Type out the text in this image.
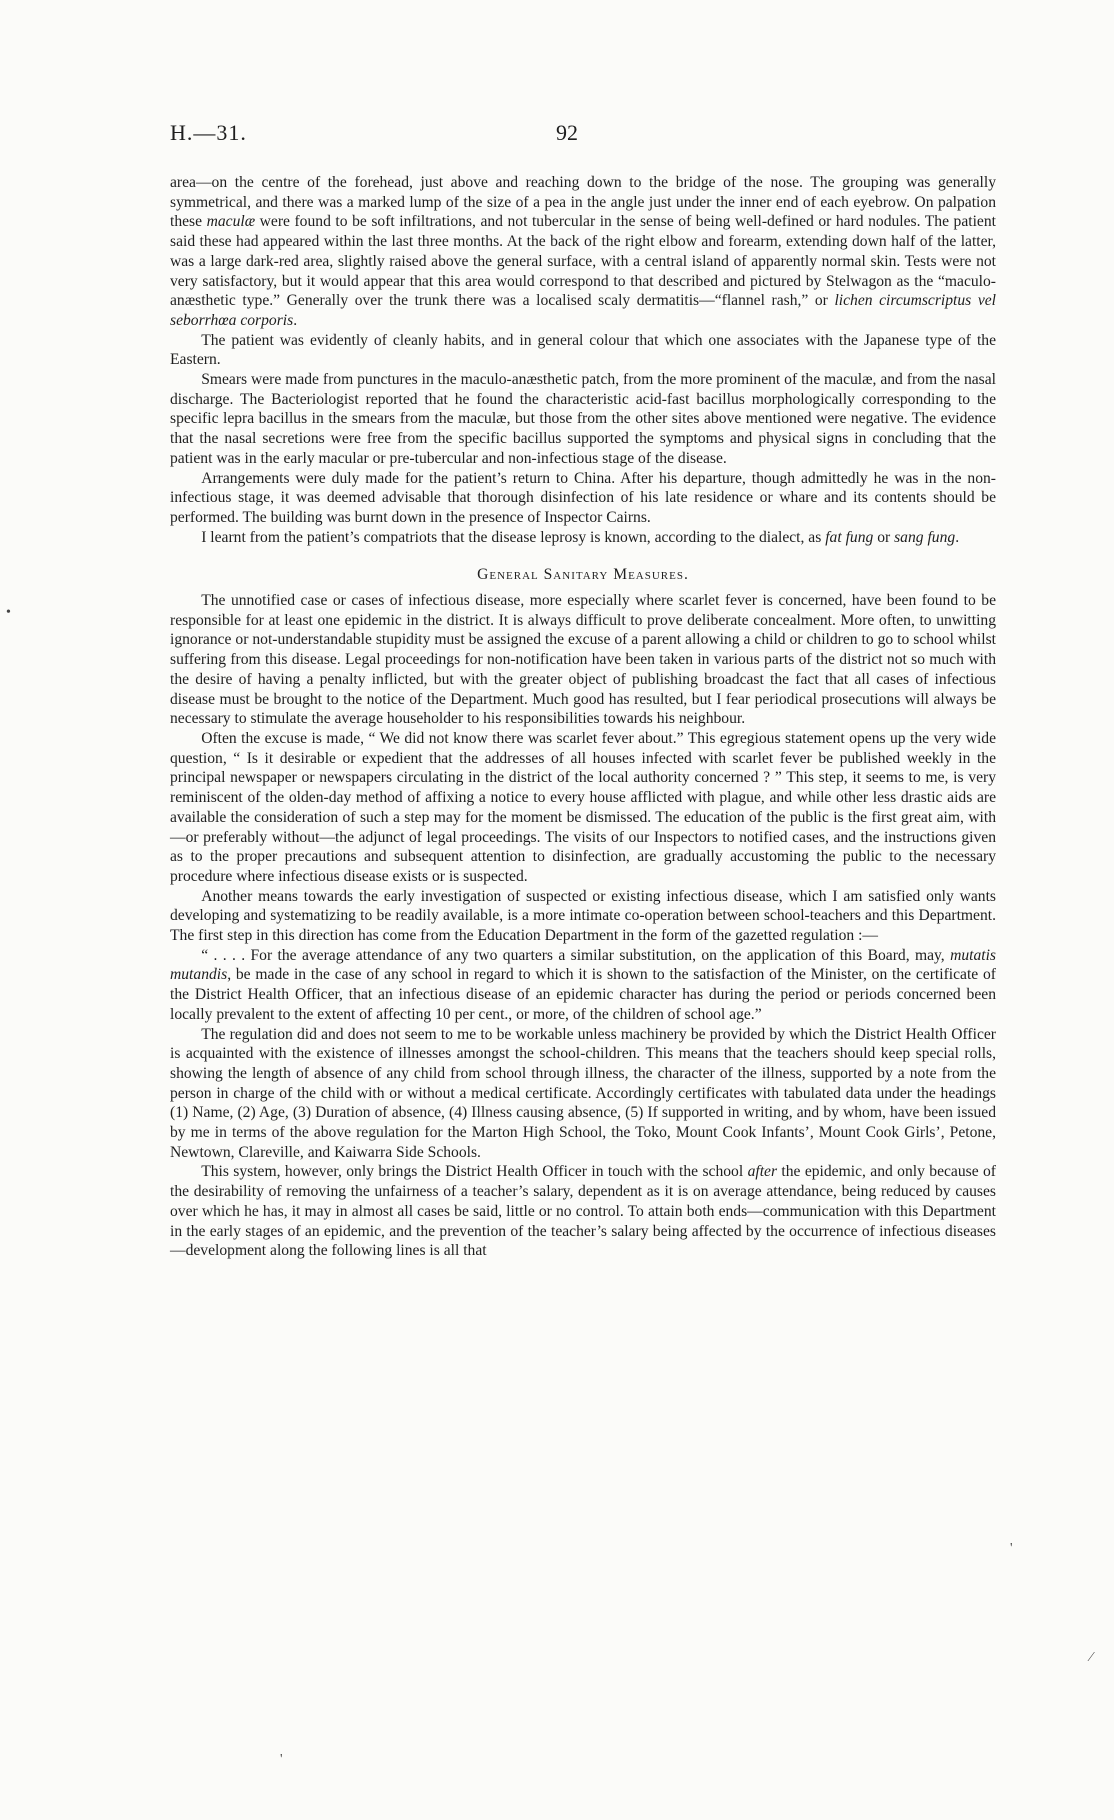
H.—31.	92

area—on the centre of the forehead, just above and reaching down to the bridge of the nose. The grouping was generally symmetrical, and there was a marked lump of the size of a pea in the angle just under the inner end of each eyebrow. On palpation these maculæ were found to be soft infiltrations, and not tubercular in the sense of being well-defined or hard nodules. The patient said these had appeared within the last three months. At the back of the right elbow and forearm, extending down half of the latter, was a large dark-red area, slightly raised above the general surface, with a central island of apparently normal skin. Tests were not very satisfactory, but it would appear that this area would correspond to that described and pictured by Stelwagon as the “maculo-anæsthetic type.” Generally over the trunk there was a localised scaly dermatitis—“flannel rash,” or lichen circumscriptus vel seborrhœa corporis.

The patient was evidently of cleanly habits, and in general colour that which one associates with the Japanese type of the Eastern.

Smears were made from punctures in the maculo-anæsthetic patch, from the more prominent of the maculæ, and from the nasal discharge. The Bacteriologist reported that he found the characteristic acid-fast bacillus morphologically corresponding to the specific lepra bacillus in the smears from the maculæ, but those from the other sites above mentioned were negative. The evidence that the nasal secretions were free from the specific bacillus supported the symptoms and physical signs in concluding that the patient was in the early macular or pre-tubercular and non-infectious stage of the disease.

Arrangements were duly made for the patient’s return to China. After his departure, though admittedly he was in the non-infectious stage, it was deemed advisable that thorough disinfection of his late residence or whare and its contents should be performed. The building was burnt down in the presence of Inspector Cairns.

I learnt from the patient’s compatriots that the disease leprosy is known, according to the dialect, as fat fung or sang fung.

General Sanitary Measures.

The unnotified case or cases of infectious disease, more especially where scarlet fever is concerned, have been found to be responsible for at least one epidemic in the district. It is always difficult to prove deliberate concealment. More often, to unwitting ignorance or not-understandable stupidity must be assigned the excuse of a parent allowing a child or children to go to school whilst suffering from this disease. Legal proceedings for non-notification have been taken in various parts of the district not so much with the desire of having a penalty inflicted, but with the greater object of publishing broadcast the fact that all cases of infectious disease must be brought to the notice of the Department. Much good has resulted, but I fear periodical prosecutions will always be necessary to stimulate the average householder to his responsibilities towards his neighbour.

Often the excuse is made, “ We did not know there was scarlet fever about.” This egregious statement opens up the very wide question, “ Is it desirable or expedient that the addresses of all houses infected with scarlet fever be published weekly in the principal newspaper or newspapers circulating in the district of the local authority concerned ? ” This step, it seems to me, is very reminiscent of the olden-day method of affixing a notice to every house afflicted with plague, and while other less drastic aids are available the consideration of such a step may for the moment be dismissed. The education of the public is the first great aim, with—or preferably without—the adjunct of legal proceedings. The visits of our Inspectors to notified cases, and the instructions given as to the proper precautions and subsequent attention to disinfection, are gradually accustoming the public to the necessary procedure where infectious disease exists or is suspected.

Another means towards the early investigation of suspected or existing infectious disease, which I am satisfied only wants developing and systematizing to be readily available, is a more intimate co-operation between school-teachers and this Department. The first step in this direction has come from the Education Department in the form of the gazetted regulation :—

“ . . . . For the average attendance of any two quarters a similar substitution, on the application of this Board, may, mutatis mutandis, be made in the case of any school in regard to which it is shown to the satisfaction of the Minister, on the certificate of the District Health Officer, that an infectious disease of an epidemic character has during the period or periods concerned been locally prevalent to the extent of affecting 10 per cent., or more, of the children of school age.”

The regulation did and does not seem to me to be workable unless machinery be provided by which the District Health Officer is acquainted with the existence of illnesses amongst the school-children. This means that the teachers should keep special rolls, showing the length of absence of any child from school through illness, the character of the illness, supported by a note from the person in charge of the child with or without a medical certificate. Accordingly certificates with tabulated data under the headings (1) Name, (2) Age, (3) Duration of absence, (4) Illness causing absence, (5) If supported in writing, and by whom, have been issued by me in terms of the above regulation for the Marton High School, the Toko, Mount Cook Infants’, Mount Cook Girls’, Petone, Newtown, Clareville, and Kaiwarra Side Schools.

This system, however, only brings the District Health Officer in touch with the school after the epidemic, and only because of the desirability of removing the unfairness of a teacher’s salary, dependent as it is on average attendance, being reduced by causes over which he has, it may in almost all cases be said, little or no control. To attain both ends—communication with this Department in the early stages of an epidemic, and the prevention of the teacher’s salary being affected by the occurrence of infectious diseases—development along the following lines is all that

•
'
⁄
'
